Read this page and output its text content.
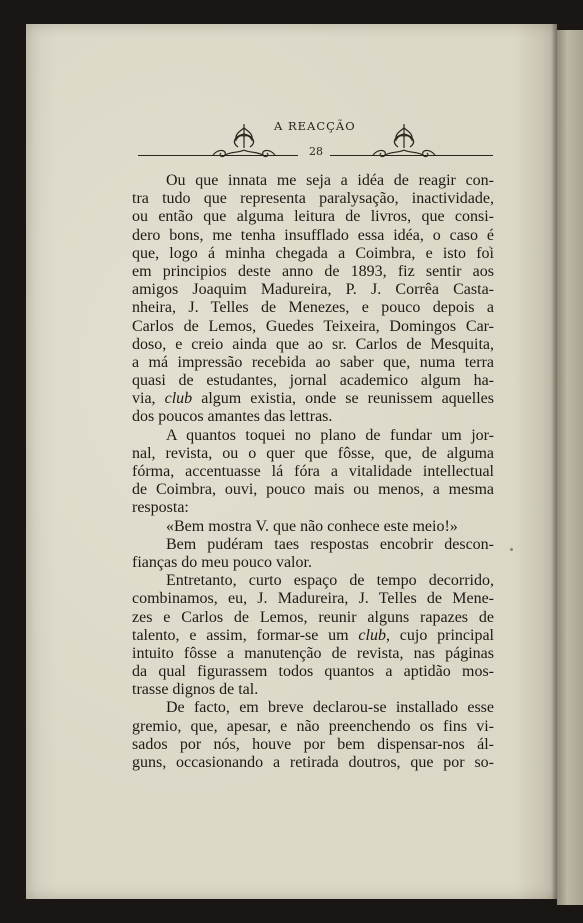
A REACÇÃO
28
Ou que innata me seja a idéa de reagir con-
tra tudo que representa paralysação, inactividade,
ou então que alguma leitura de livros, que consi-
dero bons, me tenha insufflado essa idéa, o caso é
que, logo á minha chegada a Coimbra, e isto foi
em principios deste anno de 1893, fiz sentir aos
amigos Joaquim Madureira, P. J. Corrêa Casta-
nheira, J. Telles de Menezes, e pouco depois a
Carlos de Lemos, Guedes Teixeira, Domingos Car-
doso, e creio ainda que ao sr. Carlos de Mesquita,
a má impressão recebida ao saber que, numa terra
quasi de estudantes, jornal academico algum ha-
via, club algum existia, onde se reunissem aquelles
dos poucos amantes das lettras.
A quantos toquei no plano de fundar um jor-
nal, revista, ou o quer que fôsse, que, de alguma
fórma, accentuasse lá fóra a vitalidade intellectual
de Coimbra, ouvi, pouco mais ou menos, a mesma
resposta:
«Bem mostra V. que não conhece este meio!»
Bem pudéram taes respostas encobrir descon-
fianças do meu pouco valor.
Entretanto, curto espaço de tempo decorrido,
combinamos, eu, J. Madureira, J. Telles de Mene-
zes e Carlos de Lemos, reunir alguns rapazes de
talento, e assim, formar-se um club, cujo principal
intuito fôsse a manutenção de revista, nas páginas
da qual figurassem todos quantos a aptidão mos-
trasse dignos de tal.
De facto, em breve declarou-se installado esse
gremio, que, apesar, e não preenchendo os fins vi-
sados por nós, houve por bem dispensar-nos ál-
guns, occasionando a retirada doutros, que por so-
